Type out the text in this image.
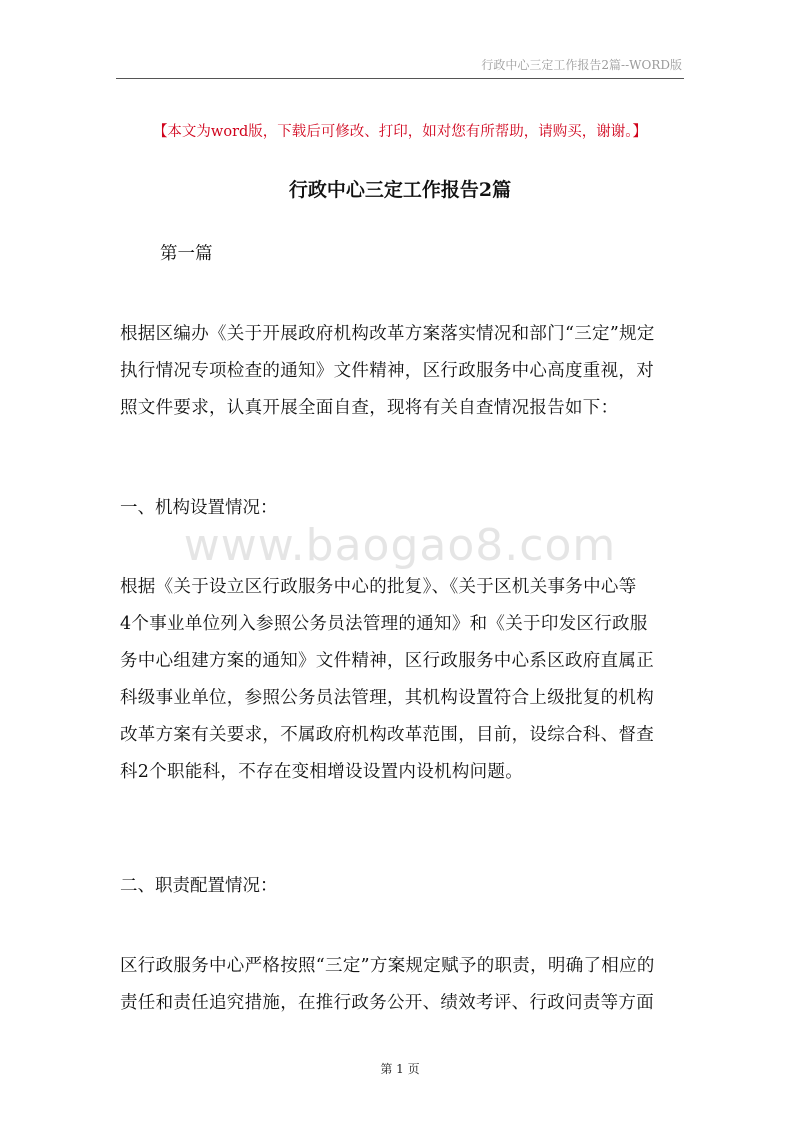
行政中心三定工作报告2篇--WORD版
【本文为word版，下载后可修改、打印，如对您有所帮助，请购买，谢谢。】
行政中心三定工作报告2篇
第一篇
根据区编办《关于开展政府机构改革方案落实情况和部门“三定”规定
执行情况专项检查的通知》文件精神，区行政服务中心高度重视，对
照文件要求，认真开展全面自查，现将有关自查情况报告如下：
一、机构设置情况：
www.baogao8.com
根据《关于设立区行政服务中心的批复》、《关于区机关事务中心等
4个事业单位列入参照公务员法管理的通知》和《关于印发区行政服
务中心组建方案的通知》文件精神，区行政服务中心系区政府直属正
科级事业单位，参照公务员法管理，其机构设置符合上级批复的机构
改革方案有关要求，不属政府机构改革范围，目前，设综合科、督查
科2个职能科，不存在变相增设设置内设机构问题。
二、职责配置情况：
区行政服务中心严格按照“三定”方案规定赋予的职责，明确了相应的
责任和责任追究措施，在推行政务公开、绩效考评、行政问责等方面
第 1 页
